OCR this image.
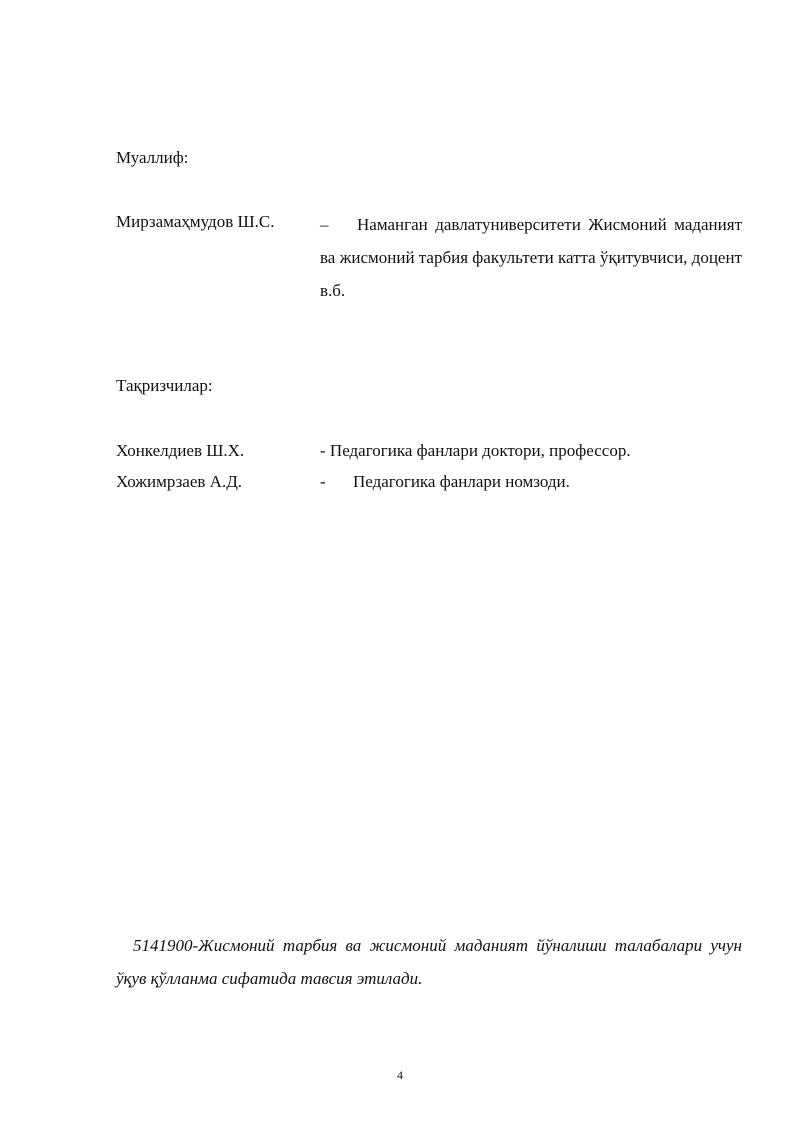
Муаллиф:
Мирзамаҳмудов Ш.С.	– Наманган давлатуниверситети Жисмоний маданият ва жисмоний тарбия факультети катта ўқитувчиси, доцент в.б.
Тақризчилар:
Хонкелдиев Ш.Х.	- Педагогика фанлари доктори, профессор.
Хожимрзаев А.Д.	- Педагогика фанлари номзоди.
5141900-Жисмоний тарбия ва жисмоний маданият йўналиши талабалари учун ўқув қўлланма сифатида тавсия этилади.
4
